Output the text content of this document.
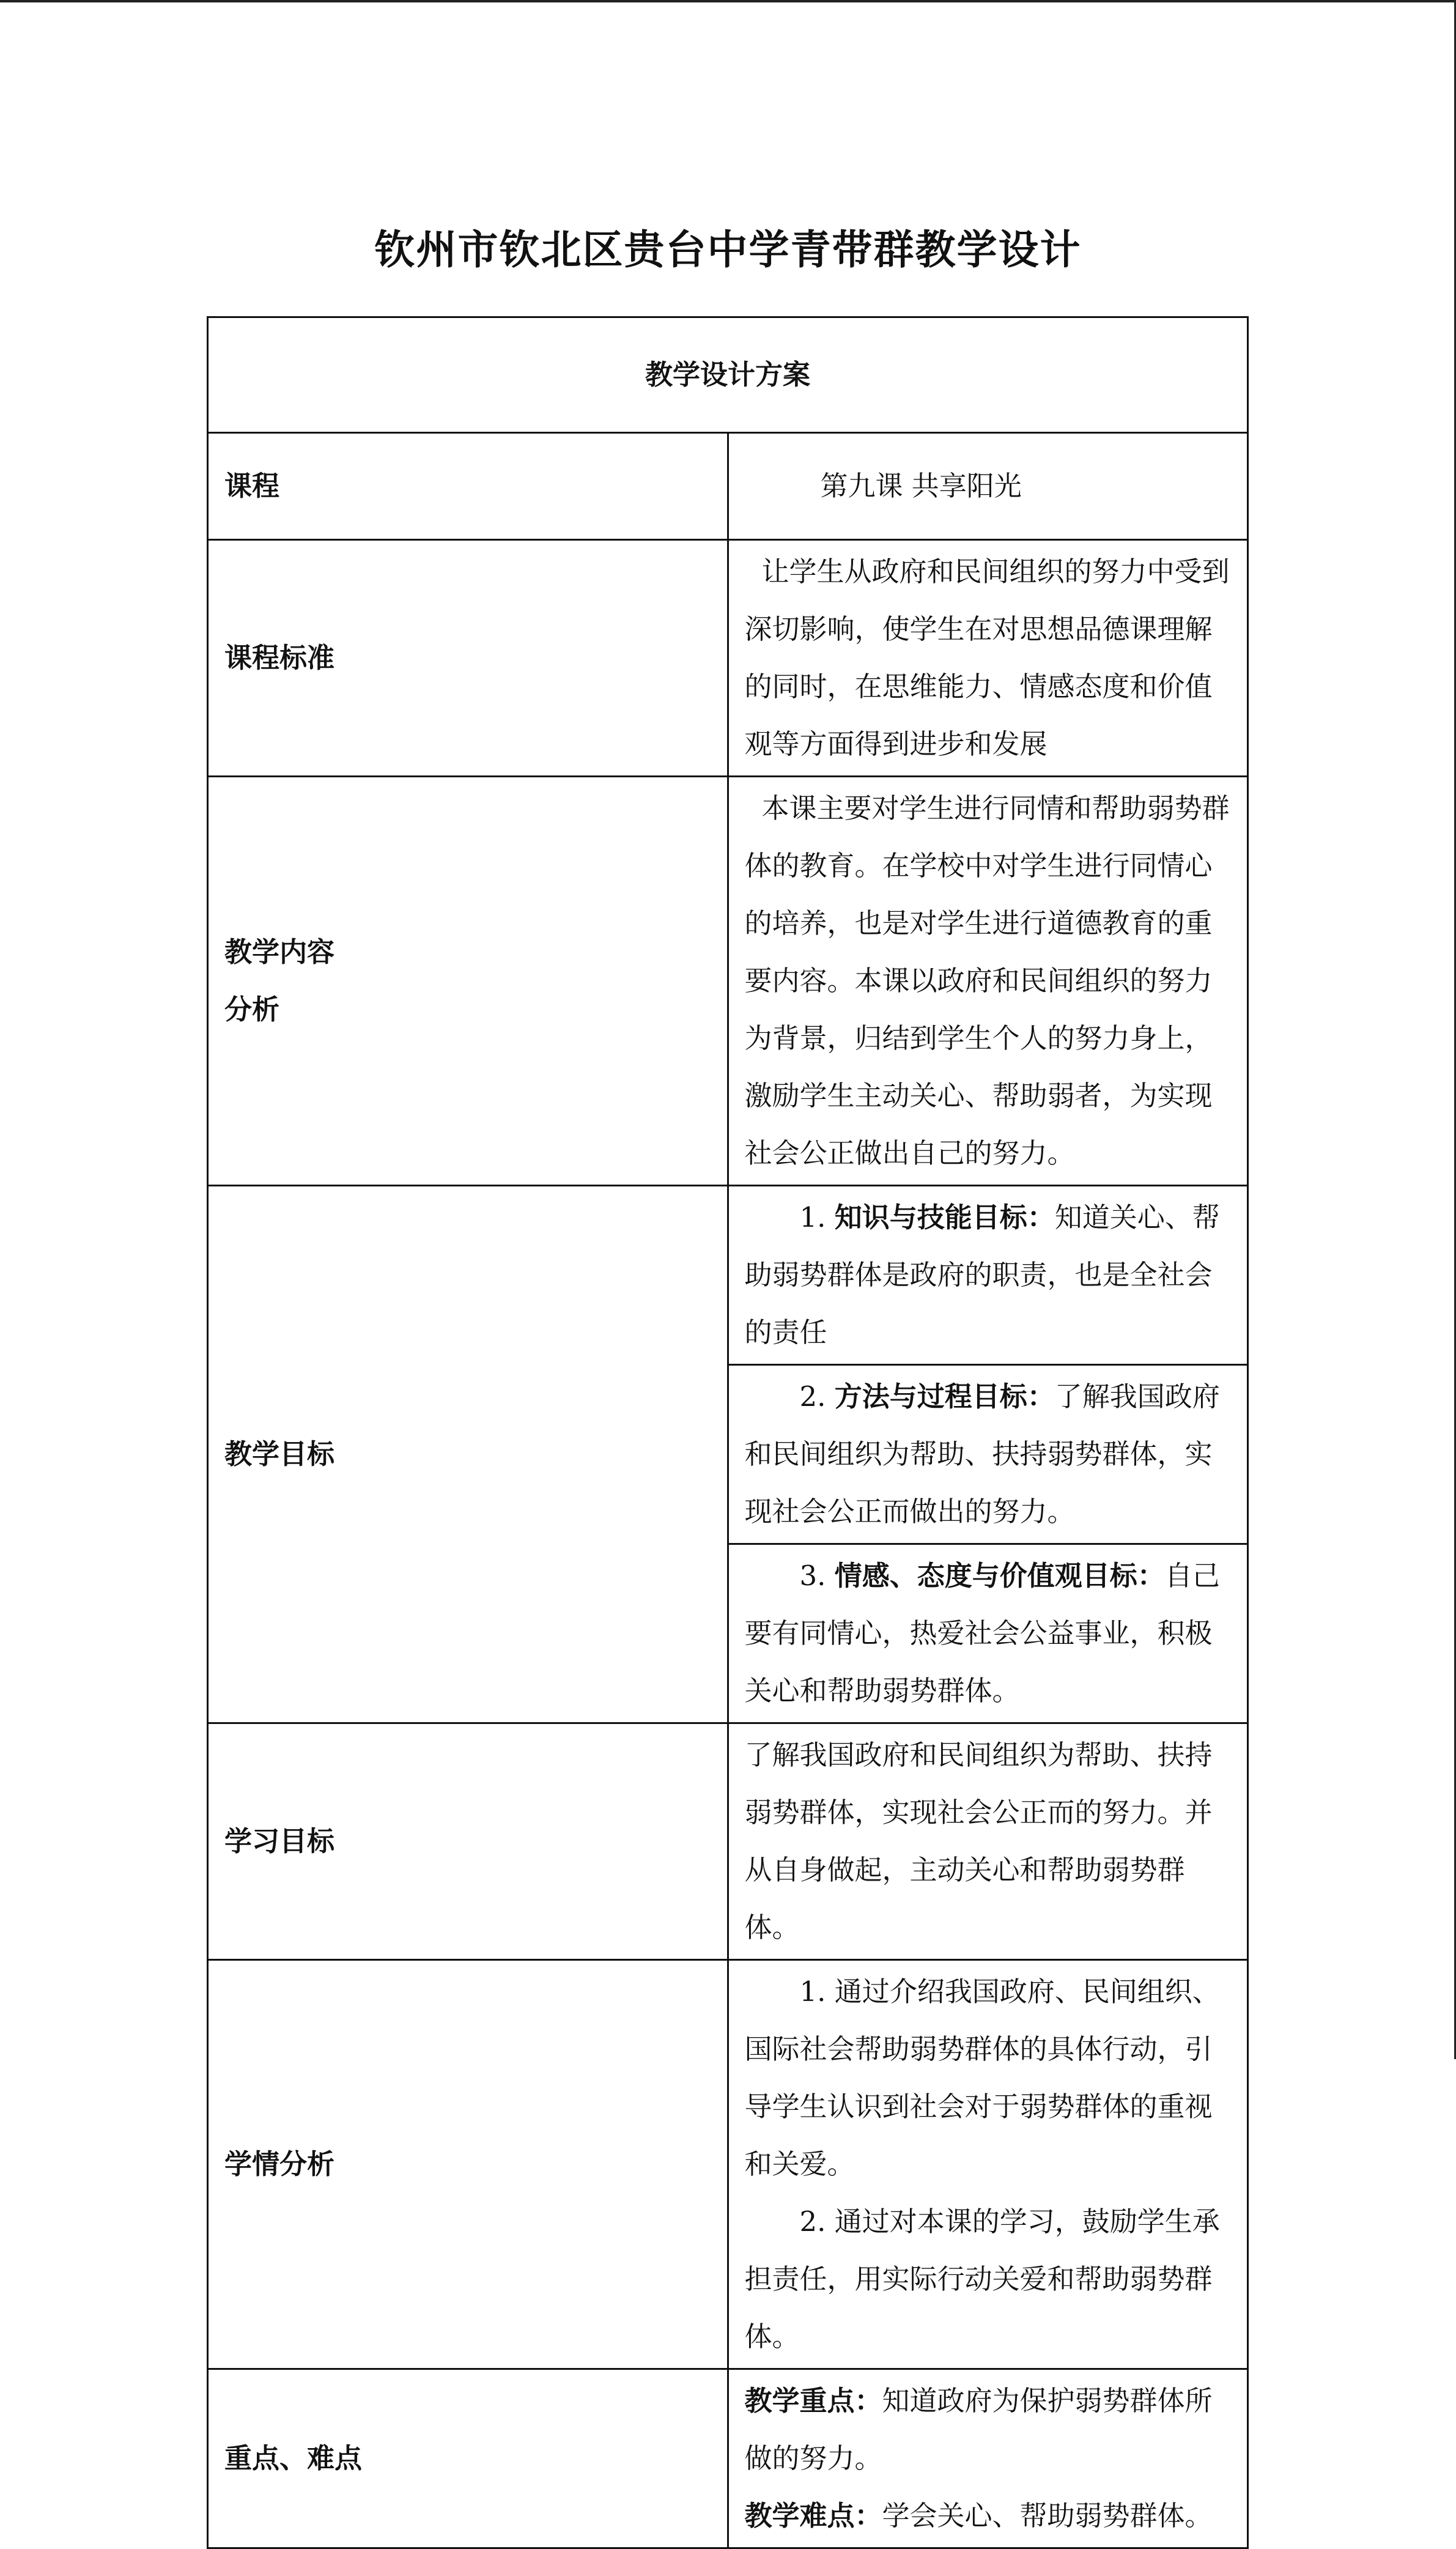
钦州市钦北区贵台中学青带群教学设计
教学设计方案	
课程	第九课 共享阳光
课程标准	让学生从政府和民间组织的努力中受到深切影响，使学生在对思想品德课理解的同时，在思维能力、情感态度和价值观等方面得到进步和发展

教学内容分析	本课主要对学生进行同情和帮助弱势群体的教育。在学校中对学生进行同情心的培养，也是对学生进行道德教育的重要内容。本课以政府和民间组织的努力为背景，归结到学生个人的努力身上，激励学生主动关心、帮助弱者，为实现社会公正做出自己的努力。
教学目标	1. 知识与技能目标：知道关心、帮助弱势群体是政府的职责，也是全社会的责任
	2. 方法与过程目标：了解我国政府和民间组织为帮助、扶持弱势群体，实现社会公正而做出的努力。
	3. 情感、态度与价值观目标：自己要有同情心，热爱社会公益事业，积极关心和帮助弱势群体。
学习目标	了解我国政府和民间组织为帮助、扶持弱势群体，实现社会公正而的努力。并从自身做起，主动关心和帮助弱势群体。
学情分析	1. 通过介绍我国政府、民间组织、国际社会帮助弱势群体的具体行动，引导学生认识到社会对于弱势群体的重视和关爱。

2. 通过对本课的学习，鼓励学生承担责任，用实际行动关爱和帮助弱势群体。

重点、难点	教学重点：知道政府为保护弱势群体所做的努力。

教学难点：学会关心、帮助弱势群体。
